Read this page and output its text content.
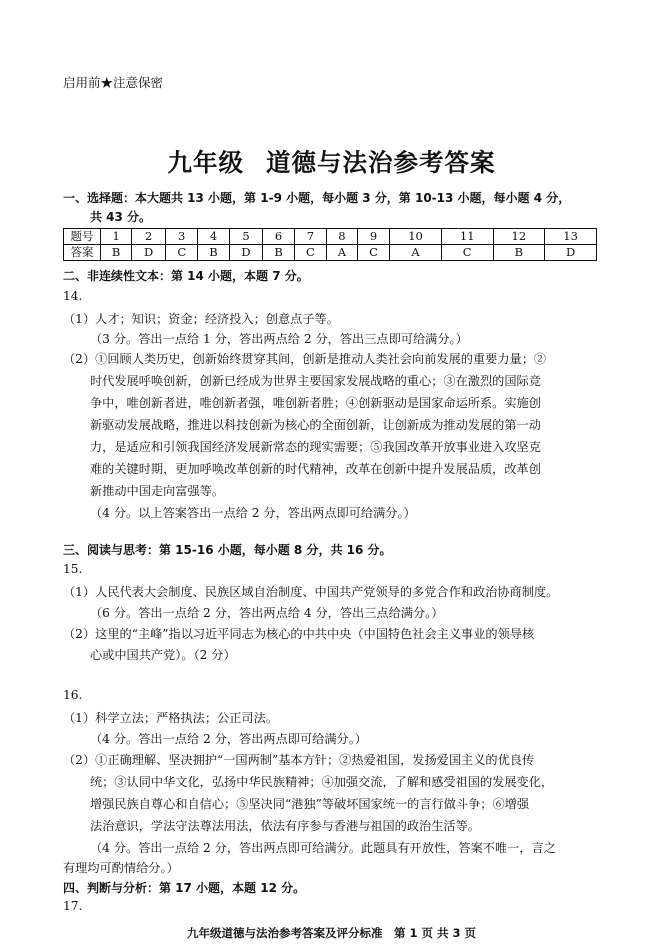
启用前★注意保密
九年级 道德与法治参考答案
一、选择题：本大题共 13 小题，第 1-9 小题，每小题 3 分，第 10-13 小题，每小题 4 分，
共 43 分。
题号	1	2	3	4	5	6	7	8	9	10	11	12	13
答案	B	D	C	B	D	B	C	A	C	A	C	B	D
二、非连续性文本：第 14 小题，本题 7 分。
14.
（1）人才；知识；资金；经济投入；创意点子等。
（3 分。答出一点给 1 分，答出两点给 2 分，答出三点即可给满分。）
（2）①回顾人类历史，创新始终贯穿其间，创新是推动人类社会向前发展的重要力量；②
时代发展呼唤创新，创新已经成为世界主要国家发展战略的重心；③在激烈的国际竞
争中，唯创新者进，唯创新者强，唯创新者胜；④创新驱动是国家命运所系。实施创
新驱动发展战略，推进以科技创新为核心的全面创新，让创新成为推动发展的第一动
力，是适应和引领我国经济发展新常态的现实需要；⑤我国改革开放事业进入攻坚克
难的关键时期，更加呼唤改革创新的时代精神，改革在创新中提升发展品质，改革创
新推动中国走向富强等。
（4 分。以上答案答出一点给 2 分，答出两点即可给满分。）
三、阅读与思考：第 15-16 小题，每小题 8 分，共 16 分。
15.
（1）人民代表大会制度、民族区域自治制度、中国共产党领导的多党合作和政治协商制度。
（6 分。答出一点给 2 分，答出两点给 4 分，答出三点给满分。）
（2）这里的“主峰”指以习近平同志为核心的中共中央（中国特色社会主义事业的领导核
心或中国共产党）。（2 分）
16.
（1）科学立法；严格执法；公正司法。
（4 分。答出一点给 2 分，答出两点即可给满分。）
（2）①正确理解、坚决拥护“一国两制”基本方针；②热爱祖国，发扬爱国主义的优良传
统；③认同中华文化，弘扬中华民族精神；④加强交流，了解和感受祖国的发展变化，
增强民族自尊心和自信心；⑤坚决同“港独”等破坏国家统一的言行做斗争；⑥增强
法治意识，学法守法尊法用法，依法有序参与香港与祖国的政治生活等。
（4 分。答出一点给 2 分，答出两点即可给满分。此题具有开放性，答案不唯一，言之
有理均可酌情给分。）
四、判断与分析：第 17 小题，本题 12 分。
17.
九年级道德与法治参考答案及评分标准　第 1 页 共 3 页
